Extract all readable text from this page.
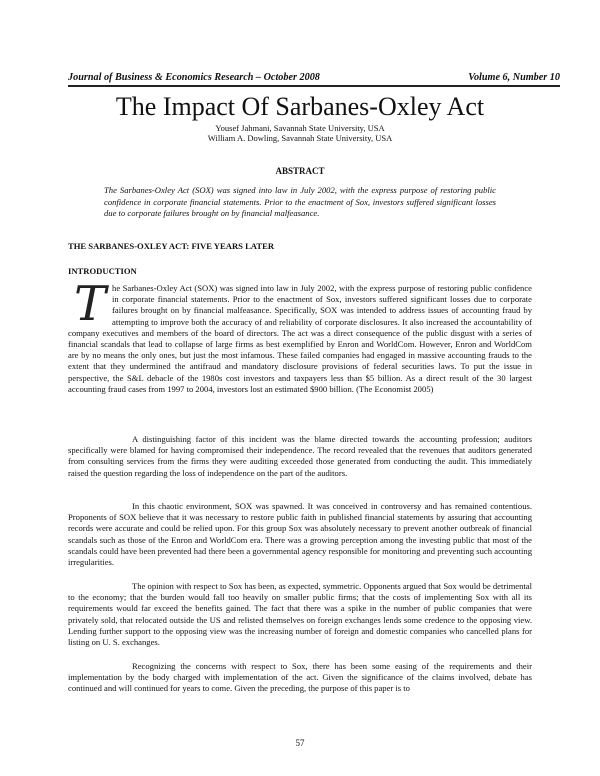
Journal of Business & Economics Research – October 2008	Volume 6, Number 10
The Impact Of Sarbanes-Oxley Act
Yousef Jahmani, Savannah State University, USA
William A. Dowling, Savannah State University, USA
ABSTRACT
The Sarbanes-Oxley Act (SOX) was signed into law in July 2002, with the express purpose of restoring public confidence in corporate financial statements. Prior to the enactment of Sox, investors suffered significant losses due to corporate failures brought on by financial malfeasance.
THE SARBANES-OXLEY ACT: FIVE YEARS LATER
INTRODUCTION
T he Sarbanes-Oxley Act (SOX) was signed into law in July 2002, with the express purpose of restoring public confidence in corporate financial statements. Prior to the enactment of Sox, investors suffered significant losses due to corporate failures brought on by financial malfeasance. Specifically, SOX was intended to address issues of accounting fraud by attempting to improve both the accuracy of and reliability of corporate disclosures. It also increased the accountability of company executives and members of the board of directors. The act was a direct consequence of the public disgust with a series of financial scandals that lead to collapse of large firms as best exemplified by Enron and WorldCom. However, Enron and WorldCom are by no means the only ones, but just the most infamous. These failed companies had engaged in massive accounting frauds to the extent that they undermined the antifraud and mandatory disclosure provisions of federal securities laws. To put the issue in perspective, the S&L debacle of the 1980s cost investors and taxpayers less than $5 billion. As a direct result of the 30 largest accounting fraud cases from 1997 to 2004, investors lost an estimated $900 billion. (The Economist 2005)
A distinguishing factor of this incident was the blame directed towards the accounting profession; auditors specifically were blamed for having compromised their independence. The record revealed that the revenues that auditors generated from consulting services from the firms they were auditing exceeded those generated from conducting the audit. This immediately raised the question regarding the loss of independence on the part of the auditors.
In this chaotic environment, SOX was spawned. It was conceived in controversy and has remained contentious. Proponents of SOX believe that it was necessary to restore public faith in published financial statements by assuring that accounting records were accurate and could be relied upon. For this group Sox was absolutely necessary to prevent another outbreak of financial scandals such as those of the Enron and WorldCom era. There was a growing perception among the investing public that most of the scandals could have been prevented had there been a governmental agency responsible for monitoring and preventing such accounting irregularities.
The opinion with respect to Sox has been, as expected, symmetric. Opponents argued that Sox would be detrimental to the economy; that the burden would fall too heavily on smaller public firms; that the costs of implementing Sox with all its requirements would far exceed the benefits gained. The fact that there was a spike in the number of public companies that were privately sold, that relocated outside the US and relisted themselves on foreign exchanges lends some credence to the opposing view. Lending further support to the opposing view was the increasing number of foreign and domestic companies who cancelled plans for listing on U. S. exchanges.
Recognizing the concerns with respect to Sox, there has been some easing of the requirements and their implementation by the body charged with implementation of the act. Given the significance of the claims involved, debate has continued and will continued for years to come. Given the preceding, the purpose of this paper is to
57
